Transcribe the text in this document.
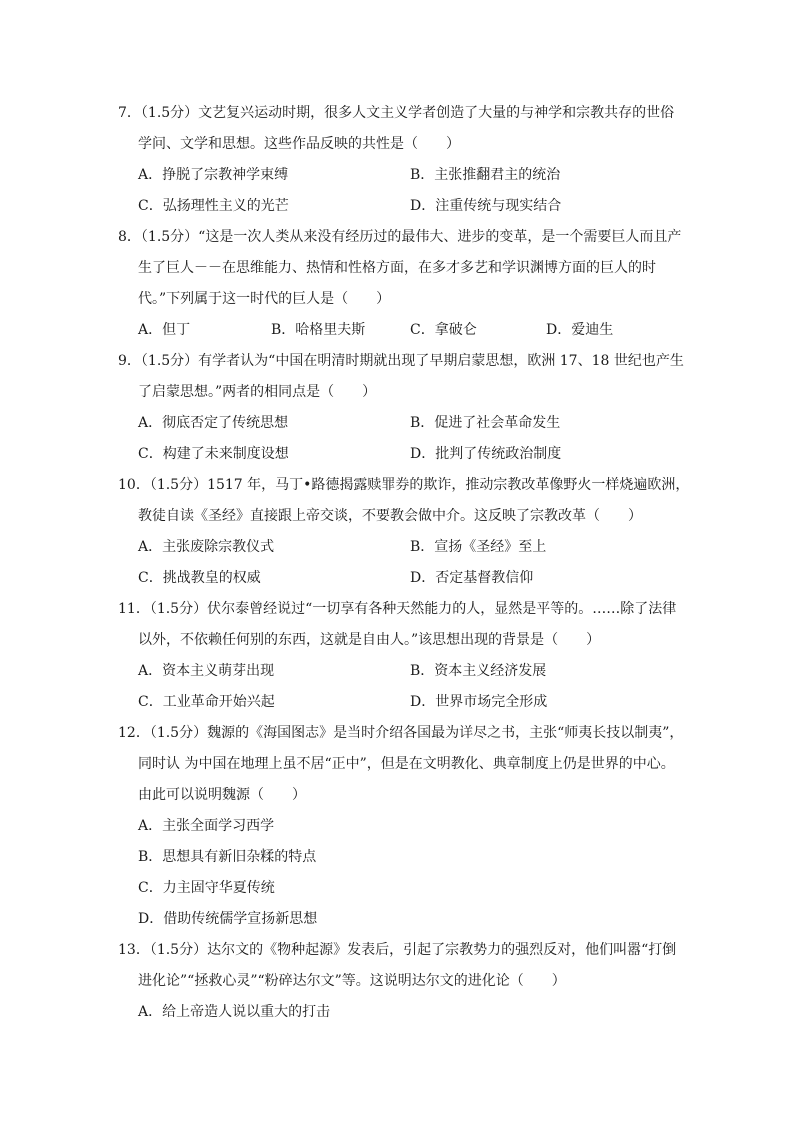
7．（1.5分）文艺复兴运动时期，很多人文主义学者创造了大量的与神学和宗教共存的世俗
学问、文学和思想。这些作品反映的共性是（　　）
A．挣脱了宗教神学束缚	B．主张推翻君主的统治
C．弘扬理性主义的光芒	D．注重传统与现实结合
8．（1.5分）“这是一次人类从来没有经历过的最伟大、进步的变革，是一个需要巨人而且产
生了巨人－－在思维能力、热情和性格方面，在多才多艺和学识渊博方面的巨人的时
代。”下列属于这一时代的巨人是（　　）
A．但丁	B．哈格里夫斯	C．拿破仑	D．爱迪生
9．（1.5分）有学者认为“中国在明清时期就出现了早期启蒙思想，欧洲 17、18 世纪也产生
了启蒙思想。”两者的相同点是（　　）
A．彻底否定了传统思想	B．促进了社会革命发生
C．构建了未来制度设想	D．批判了传统政治制度
10．（1.5分）1517 年，马丁•路德揭露赎罪券的欺诈，推动宗教改革像野火一样烧遍欧洲，
教徒自读《圣经》直接跟上帝交谈，不要教会做中介。这反映了宗教改革（　　）
A．主张废除宗教仪式	B．宣扬《圣经》至上
C．挑战教皇的权威	D．否定基督教信仰
11．（1.5分）伏尔泰曾经说过“一切享有各种天然能力的人，显然是平等的。……除了法律
以外，不依赖任何别的东西，这就是自由人。”该思想出现的背景是（　　）
A．资本主义萌芽出现	B．资本主义经济发展
C．工业革命开始兴起	D．世界市场完全形成
12．（1.5分）魏源的《海国图志》是当时介绍各国最为详尽之书，主张“师夷长技以制夷”，
同时认 为中国在地理上虽不居“正中”，但是在文明教化、典章制度上仍是世界的中心。
由此可以说明魏源（　　）
A．主张全面学习西学
B．思想具有新旧杂糅的特点
C．力主固守华夏传统
D．借助传统儒学宣扬新思想
13．（1.5分）达尔文的《物种起源》发表后，引起了宗教势力的强烈反对，他们叫嚣“打倒
进化论”“拯救心灵”“粉碎达尔文”等。这说明达尔文的进化论（　　）
A．给上帝造人说以重大的打击
